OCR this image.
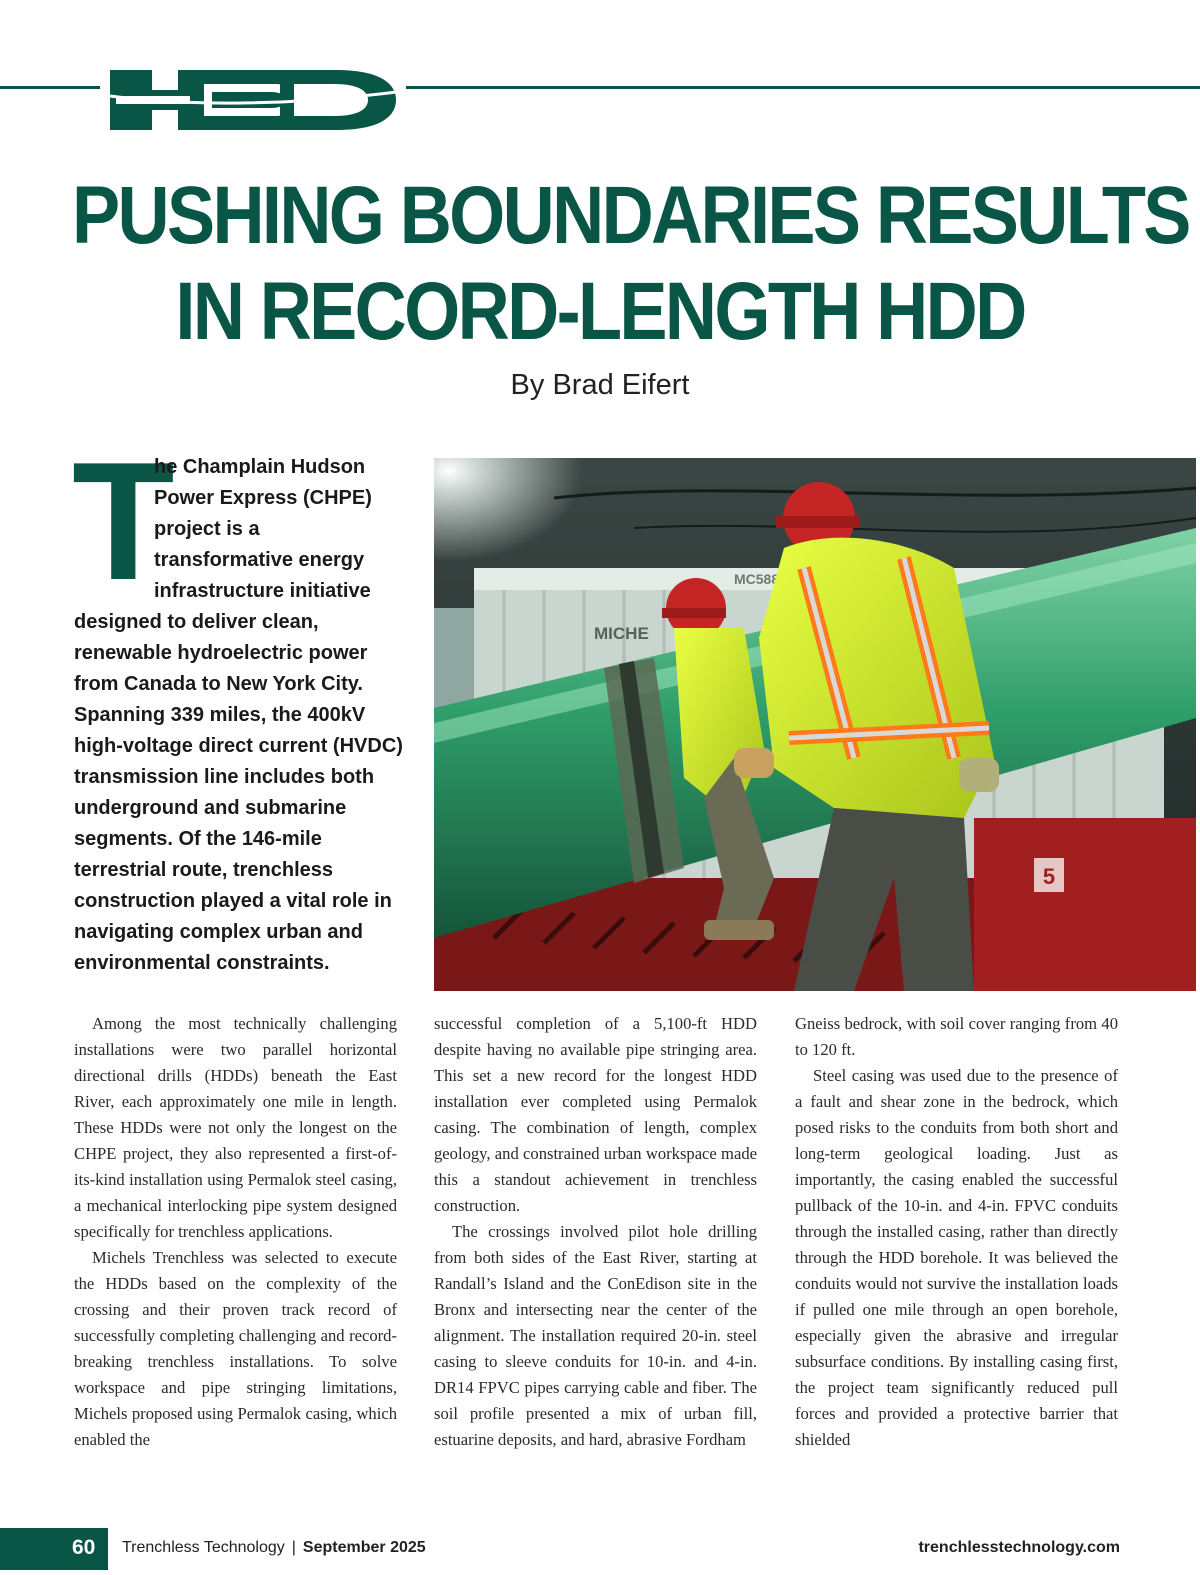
PUSHING BOUNDARIES RESULTS
IN RECORD-LENGTH HDD
By Brad Eifert
T
he Champlain Hudson Power Express (CHPE) project is a transformative energy infrastructure initiative designed to deliver clean, renewable hydroelectric power from Canada to New York City. Spanning 339 miles, the 400kV high-voltage direct current (HVDC) transmission line includes both underground and submarine segments. Of the 146-mile terrestrial route, trenchless construction played a vital role in navigating complex urban and environmental constraints.
5

Among the most technically challenging installations were two parallel horizontal directional drills (HDDs) beneath the East River, each approximately one mile in length. These HDDs were not only the longest on the CHPE project, they also represented a first-of-its-kind installation using Permalok steel casing, a mechanical interlocking pipe system designed specifically for trenchless applications.

Michels Trenchless was selected to execute the HDDs based on the complexity of the crossing and their proven track record of successfully completing challenging and record-breaking trenchless installations. To solve workspace and pipe stringing limitations, Michels proposed using Permalok casing, which enabled the

successful completion of a 5,100-ft HDD despite having no available pipe stringing area. This set a new record for the longest HDD installation ever completed using Permalok casing. The combination of length, complex geology, and constrained urban workspace made this a standout achievement in trenchless construction.

The crossings involved pilot hole drilling from both sides of the East River, starting at Randall’s Island and the ConEdison site in the Bronx and intersecting near the center of the alignment. The installation required 20-in. steel casing to sleeve conduits for 10-in. and 4-in. DR14 FPVC pipes carrying cable and fiber. The soil profile presented a mix of urban fill, estuarine deposits, and hard, abrasive Fordham

Gneiss bedrock, with soil cover ranging from 40 to 120 ft.

Steel casing was used due to the presence of a fault and shear zone in the bedrock, which posed risks to the conduits from both short and long-term geological loading. Just as importantly, the casing enabled the successful pullback of the 10-in. and 4-in. FPVC conduits through the installed casing, rather than directly through the HDD borehole. It was believed the conduits would not survive the installation loads if pulled one mile through an open borehole, especially given the abrasive and irregular subsurface conditions. By installing casing first, the project team significantly reduced pull forces and provided a protective barrier that shielded

60 Trenchless Technology | September 2025	trenchlesstechnology.com
